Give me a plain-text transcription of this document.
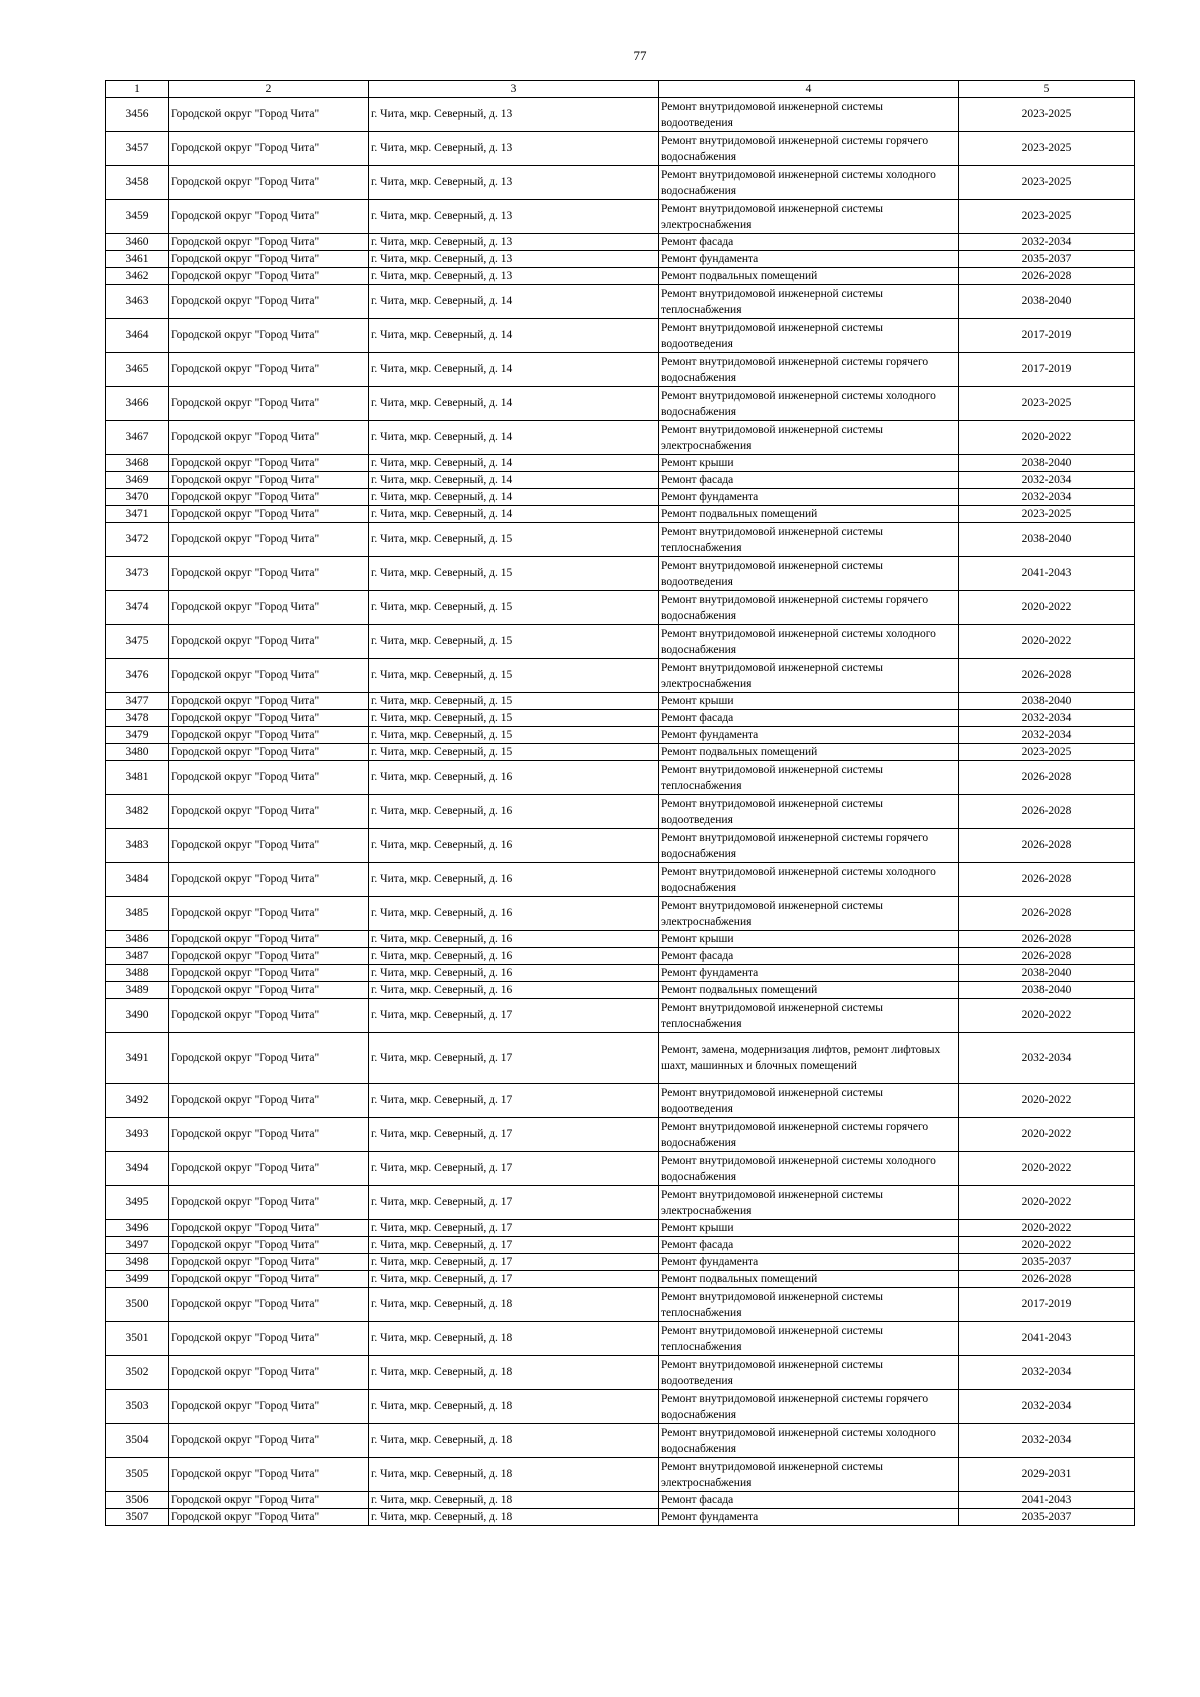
77
1	2	3	4	5
3456	Городской округ "Город Чита"	г. Чита, мкр. Северный, д. 13	Ремонт внутридомовой инженерной системы водоотведения	2023-2025
3457	Городской округ "Город Чита"	г. Чита, мкр. Северный, д. 13	Ремонт внутридомовой инженерной системы горячего водоснабжения	2023-2025
3458	Городской округ "Город Чита"	г. Чита, мкр. Северный, д. 13	Ремонт внутридомовой инженерной системы холодного водоснабжения	2023-2025
3459	Городской округ "Город Чита"	г. Чита, мкр. Северный, д. 13	Ремонт внутридомовой инженерной системы электроснабжения	2023-2025
3460	Городской округ "Город Чита"	г. Чита, мкр. Северный, д. 13	Ремонт фасада	2032-2034
3461	Городской округ "Город Чита"	г. Чита, мкр. Северный, д. 13	Ремонт фундамента	2035-2037
3462	Городской округ "Город Чита"	г. Чита, мкр. Северный, д. 13	Ремонт подвальных помещений	2026-2028
3463	Городской округ "Город Чита"	г. Чита, мкр. Северный, д. 14	Ремонт внутридомовой инженерной системы теплоснабжения	2038-2040
3464	Городской округ "Город Чита"	г. Чита, мкр. Северный, д. 14	Ремонт внутридомовой инженерной системы водоотведения	2017-2019
3465	Городской округ "Город Чита"	г. Чита, мкр. Северный, д. 14	Ремонт внутридомовой инженерной системы горячего водоснабжения	2017-2019
3466	Городской округ "Город Чита"	г. Чита, мкр. Северный, д. 14	Ремонт внутридомовой инженерной системы холодного водоснабжения	2023-2025
3467	Городской округ "Город Чита"	г. Чита, мкр. Северный, д. 14	Ремонт внутридомовой инженерной системы электроснабжения	2020-2022
3468	Городской округ "Город Чита"	г. Чита, мкр. Северный, д. 14	Ремонт крыши	2038-2040
3469	Городской округ "Город Чита"	г. Чита, мкр. Северный, д. 14	Ремонт фасада	2032-2034
3470	Городской округ "Город Чита"	г. Чита, мкр. Северный, д. 14	Ремонт фундамента	2032-2034
3471	Городской округ "Город Чита"	г. Чита, мкр. Северный, д. 14	Ремонт подвальных помещений	2023-2025
3472	Городской округ "Город Чита"	г. Чита, мкр. Северный, д. 15	Ремонт внутридомовой инженерной системы теплоснабжения	2038-2040
3473	Городской округ "Город Чита"	г. Чита, мкр. Северный, д. 15	Ремонт внутридомовой инженерной системы водоотведения	2041-2043
3474	Городской округ "Город Чита"	г. Чита, мкр. Северный, д. 15	Ремонт внутридомовой инженерной системы горячего водоснабжения	2020-2022
3475	Городской округ "Город Чита"	г. Чита, мкр. Северный, д. 15	Ремонт внутридомовой инженерной системы холодного водоснабжения	2020-2022
3476	Городской округ "Город Чита"	г. Чита, мкр. Северный, д. 15	Ремонт внутридомовой инженерной системы электроснабжения	2026-2028
3477	Городской округ "Город Чита"	г. Чита, мкр. Северный, д. 15	Ремонт крыши	2038-2040
3478	Городской округ "Город Чита"	г. Чита, мкр. Северный, д. 15	Ремонт фасада	2032-2034
3479	Городской округ "Город Чита"	г. Чита, мкр. Северный, д. 15	Ремонт фундамента	2032-2034
3480	Городской округ "Город Чита"	г. Чита, мкр. Северный, д. 15	Ремонт подвальных помещений	2023-2025
3481	Городской округ "Город Чита"	г. Чита, мкр. Северный, д. 16	Ремонт внутридомовой инженерной системы теплоснабжения	2026-2028
3482	Городской округ "Город Чита"	г. Чита, мкр. Северный, д. 16	Ремонт внутридомовой инженерной системы водоотведения	2026-2028
3483	Городской округ "Город Чита"	г. Чита, мкр. Северный, д. 16	Ремонт внутридомовой инженерной системы горячего водоснабжения	2026-2028
3484	Городской округ "Город Чита"	г. Чита, мкр. Северный, д. 16	Ремонт внутридомовой инженерной системы холодного водоснабжения	2026-2028
3485	Городской округ "Город Чита"	г. Чита, мкр. Северный, д. 16	Ремонт внутридомовой инженерной системы электроснабжения	2026-2028
3486	Городской округ "Город Чита"	г. Чита, мкр. Северный, д. 16	Ремонт крыши	2026-2028
3487	Городской округ "Город Чита"	г. Чита, мкр. Северный, д. 16	Ремонт фасада	2026-2028
3488	Городской округ "Город Чита"	г. Чита, мкр. Северный, д. 16	Ремонт фундамента	2038-2040
3489	Городской округ "Город Чита"	г. Чита, мкр. Северный, д. 16	Ремонт подвальных помещений	2038-2040
3490	Городской округ "Город Чита"	г. Чита, мкр. Северный, д. 17	Ремонт внутридомовой инженерной системы теплоснабжения	2020-2022
3491	Городской округ "Город Чита"	г. Чита, мкр. Северный, д. 17	Ремонт, замена, модернизация лифтов, ремонт лифтовых шахт, машинных и блочных помещений	2032-2034
3492	Городской округ "Город Чита"	г. Чита, мкр. Северный, д. 17	Ремонт внутридомовой инженерной системы водоотведения	2020-2022
3493	Городской округ "Город Чита"	г. Чита, мкр. Северный, д. 17	Ремонт внутридомовой инженерной системы горячего водоснабжения	2020-2022
3494	Городской округ "Город Чита"	г. Чита, мкр. Северный, д. 17	Ремонт внутридомовой инженерной системы холодного водоснабжения	2020-2022
3495	Городской округ "Город Чита"	г. Чита, мкр. Северный, д. 17	Ремонт внутридомовой инженерной системы электроснабжения	2020-2022
3496	Городской округ "Город Чита"	г. Чита, мкр. Северный, д. 17	Ремонт крыши	2020-2022
3497	Городской округ "Город Чита"	г. Чита, мкр. Северный, д. 17	Ремонт фасада	2020-2022
3498	Городской округ "Город Чита"	г. Чита, мкр. Северный, д. 17	Ремонт фундамента	2035-2037
3499	Городской округ "Город Чита"	г. Чита, мкр. Северный, д. 17	Ремонт подвальных помещений	2026-2028
3500	Городской округ "Город Чита"	г. Чита, мкр. Северный, д. 18	Ремонт внутридомовой инженерной системы теплоснабжения	2017-2019
3501	Городской округ "Город Чита"	г. Чита, мкр. Северный, д. 18	Ремонт внутридомовой инженерной системы теплоснабжения	2041-2043
3502	Городской округ "Город Чита"	г. Чита, мкр. Северный, д. 18	Ремонт внутридомовой инженерной системы водоотведения	2032-2034
3503	Городской округ "Город Чита"	г. Чита, мкр. Северный, д. 18	Ремонт внутридомовой инженерной системы горячего водоснабжения	2032-2034
3504	Городской округ "Город Чита"	г. Чита, мкр. Северный, д. 18	Ремонт внутридомовой инженерной системы холодного водоснабжения	2032-2034
3505	Городской округ "Город Чита"	г. Чита, мкр. Северный, д. 18	Ремонт внутридомовой инженерной системы электроснабжения	2029-2031
3506	Городской округ "Город Чита"	г. Чита, мкр. Северный, д. 18	Ремонт фасада	2041-2043
3507	Городской округ "Город Чита"	г. Чита, мкр. Северный, д. 18	Ремонт фундамента	2035-2037
